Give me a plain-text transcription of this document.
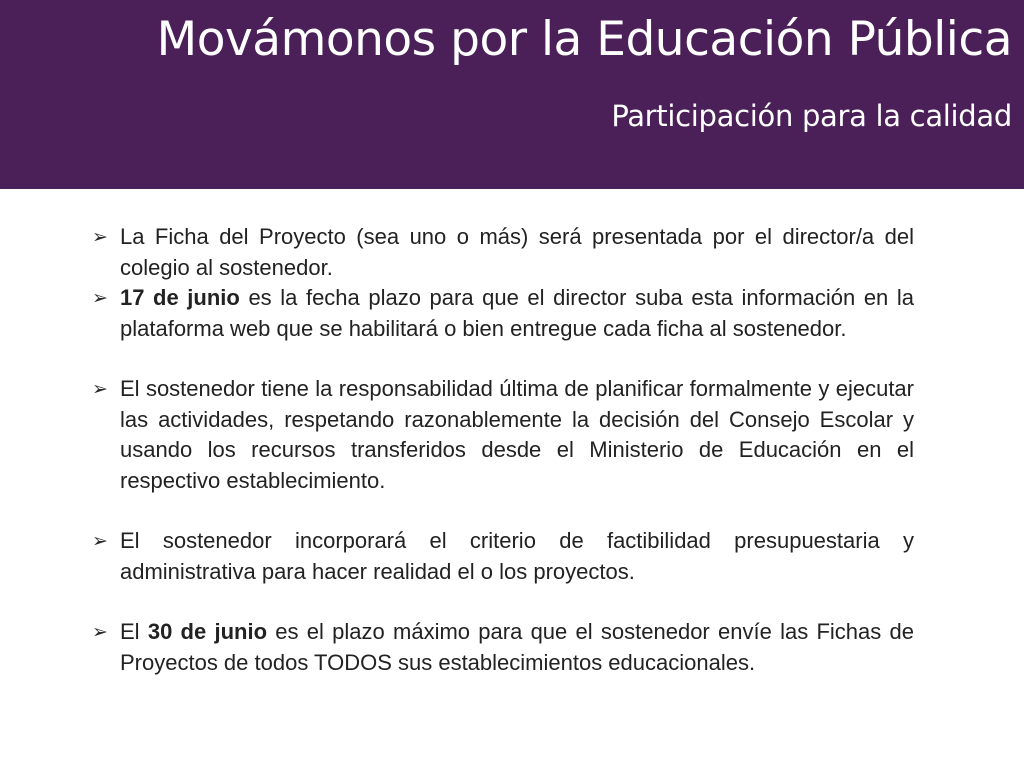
Movámonos por la Educación Pública
Participación para la calidad

➢ La Ficha del Proyecto (sea uno o más) será presentada por el director/a del colegio al sostenedor.

➢ 17 de junio es la fecha plazo para que el director suba esta información en la plataforma web que se habilitará o bien entregue cada ficha al sostenedor.

➢ El sostenedor tiene la responsabilidad última de planificar formalmente y ejecutar las actividades, respetando razonablemente la decisión del Consejo Escolar y usando los recursos transferidos desde el Ministerio de Educación en el respectivo establecimiento.

➢ El sostenedor incorporará el criterio de factibilidad presupuestaria y administrativa para hacer realidad el o los proyectos.

➢ El 30 de junio es el plazo máximo para que el sostenedor envíe las Fichas de Proyectos de todos TODOS sus establecimientos educacionales.
